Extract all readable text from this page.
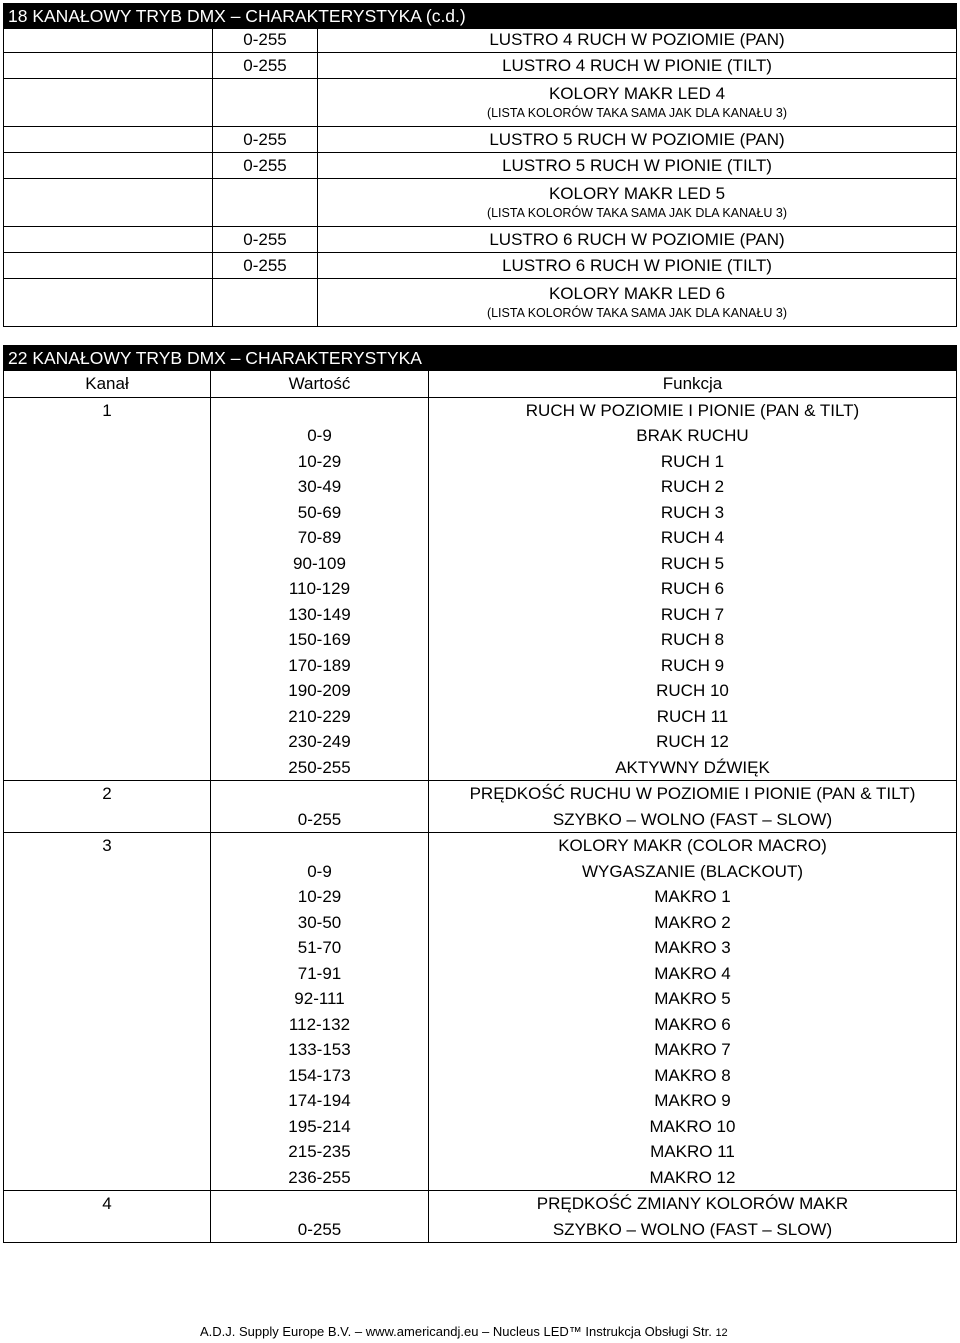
18 KANAŁOWY TRYB DMX – CHARAKTERYSTYKA (c.d.)
	0-255	LUSTRO 4 RUCH W POZIOMIE (PAN)
	0-255	LUSTRO 4 RUCH W PIONIE (TILT)

		KOLORY MAKR LED 4
(LISTA KOLORÓW TAKA SAMA JAK DLA KANAŁU 3)

	0-255	LUSTRO 5 RUCH W POZIOMIE (PAN)
	0-255	LUSTRO 5 RUCH W PIONIE (TILT)

		KOLORY MAKR LED 5
(LISTA KOLORÓW TAKA SAMA JAK DLA KANAŁU 3)

	0-255	LUSTRO 6 RUCH W POZIOMIE (PAN)
	0-255	LUSTRO 6 RUCH W PIONIE (TILT)

		KOLORY MAKR LED 6
(LISTA KOLORÓW TAKA SAMA JAK DLA KANAŁU 3)
22 KANAŁOWY TRYB DMX – CHARAKTERYSTYKA
Kanał	Wartość	Funkcja
1		RUCH W POZIOMIE I PIONIE (PAN & TILT)
	0-9	BRAK RUCHU
	10-29	RUCH 1
	30-49	RUCH 2
	50-69	RUCH 3
	70-89	RUCH 4
	90-109	RUCH 5
	110-129	RUCH 6
	130-149	RUCH 7
	150-169	RUCH 8
	170-189	RUCH 9
	190-209	RUCH 10
	210-229	RUCH 11
	230-249	RUCH 12
	250-255	AKTYWNY DŹWIĘK
2		PRĘDKOŚĆ RUCHU W POZIOMIE I PIONIE (PAN & TILT)
	0-255	SZYBKO – WOLNO (FAST – SLOW)
3		KOLORY MAKR (COLOR MACRO)
	0-9	WYGASZANIE (BLACKOUT)
	10-29	MAKRO 1
	30-50	MAKRO 2
	51-70	MAKRO 3
	71-91	MAKRO 4
	92-111	MAKRO 5
	112-132	MAKRO 6
	133-153	MAKRO 7
	154-173	MAKRO 8
	174-194	MAKRO 9
	195-214	MAKRO 10
	215-235	MAKRO 11
	236-255	MAKRO 12
4		PRĘDKOŚĆ ZMIANY KOLORÓW MAKR
	0-255	SZYBKO – WOLNO (FAST – SLOW)
A.D.J. Supply Europe B.V. – www.americandj.eu – Nucleus LED™ Instrukcja Obsługi Str. 12
